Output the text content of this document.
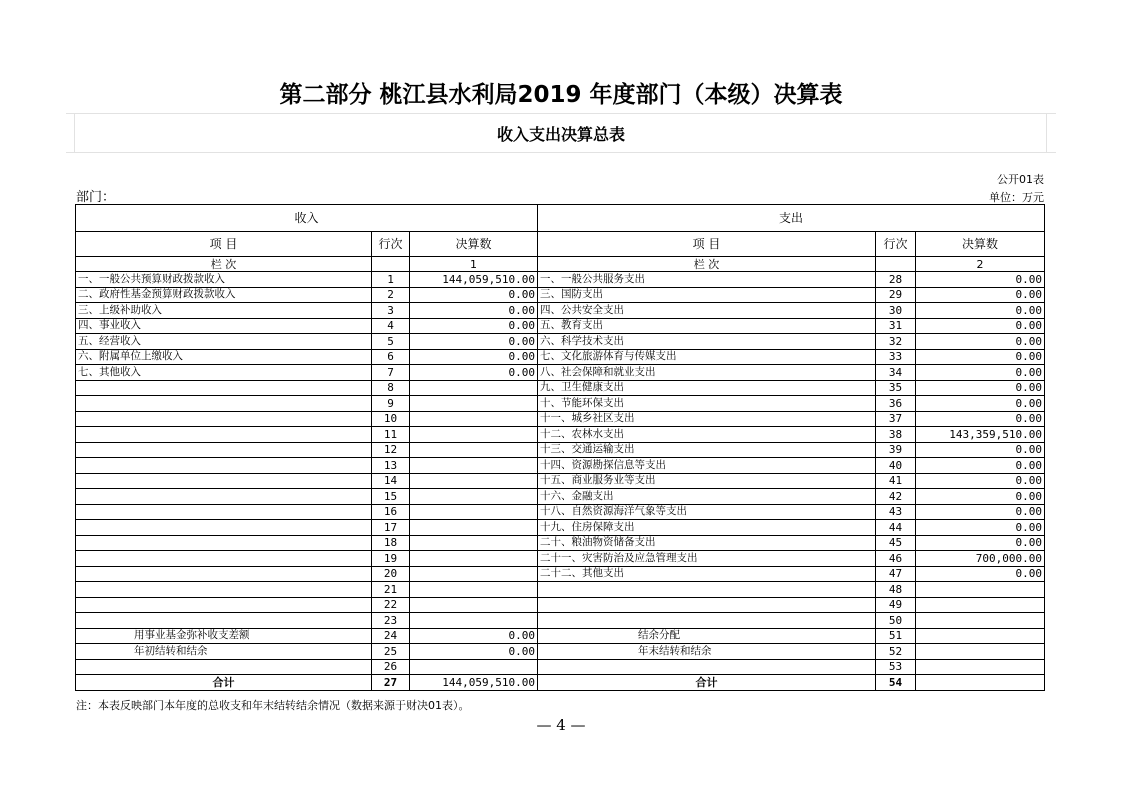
第二部分 桃江县水利局2019 年度部门（本级）决算表
收入支出决算总表
公开01表
单位：万元
部门：
收入			支出		
项 目	行次	决算数	项 目	行次	决算数
栏 次		1	栏 次		2
一、一般公共预算财政拨款收入	1	144,059,510.00	一、一般公共服务支出	28	0.00
二、政府性基金预算财政拨款收入	2	0.00	三、国防支出	29	0.00
三、上级补助收入	3	0.00	四、公共安全支出	30	0.00
四、事业收入	4	0.00	五、教育支出	31	0.00
五、经营收入	5	0.00	六、科学技术支出	32	0.00
六、附属单位上缴收入	6	0.00	七、文化旅游体育与传媒支出	33	0.00
七、其他收入	7	0.00	八、社会保障和就业支出	34	0.00
	8		九、卫生健康支出	35	0.00
	9		十、节能环保支出	36	0.00
	10		十一、城乡社区支出	37	0.00
	11		十二、农林水支出	38	143,359,510.00
	12		十三、交通运输支出	39	0.00
	13		十四、资源勘探信息等支出	40	0.00
	14		十五、商业服务业等支出	41	0.00
	15		十六、金融支出	42	0.00
	16		十八、自然资源海洋气象等支出	43	0.00
	17		十九、住房保障支出	44	0.00
	18		二十、粮油物资储备支出	45	0.00
	19		二十一、灾害防治及应急管理支出	46	700,000.00
	20		二十二、其他支出	47	0.00
	21			48	
	22			49	
	23			50	
用事业基金弥补收支差额	24	0.00	结余分配	51	
年初结转和结余	25	0.00	年末结转和结余	52	
	26			53	
合计	27	144,059,510.00	合计	54	
注：本表反映部门本年度的总收支和年末结转结余情况（数据来源于财决01表）。
— 4 —
